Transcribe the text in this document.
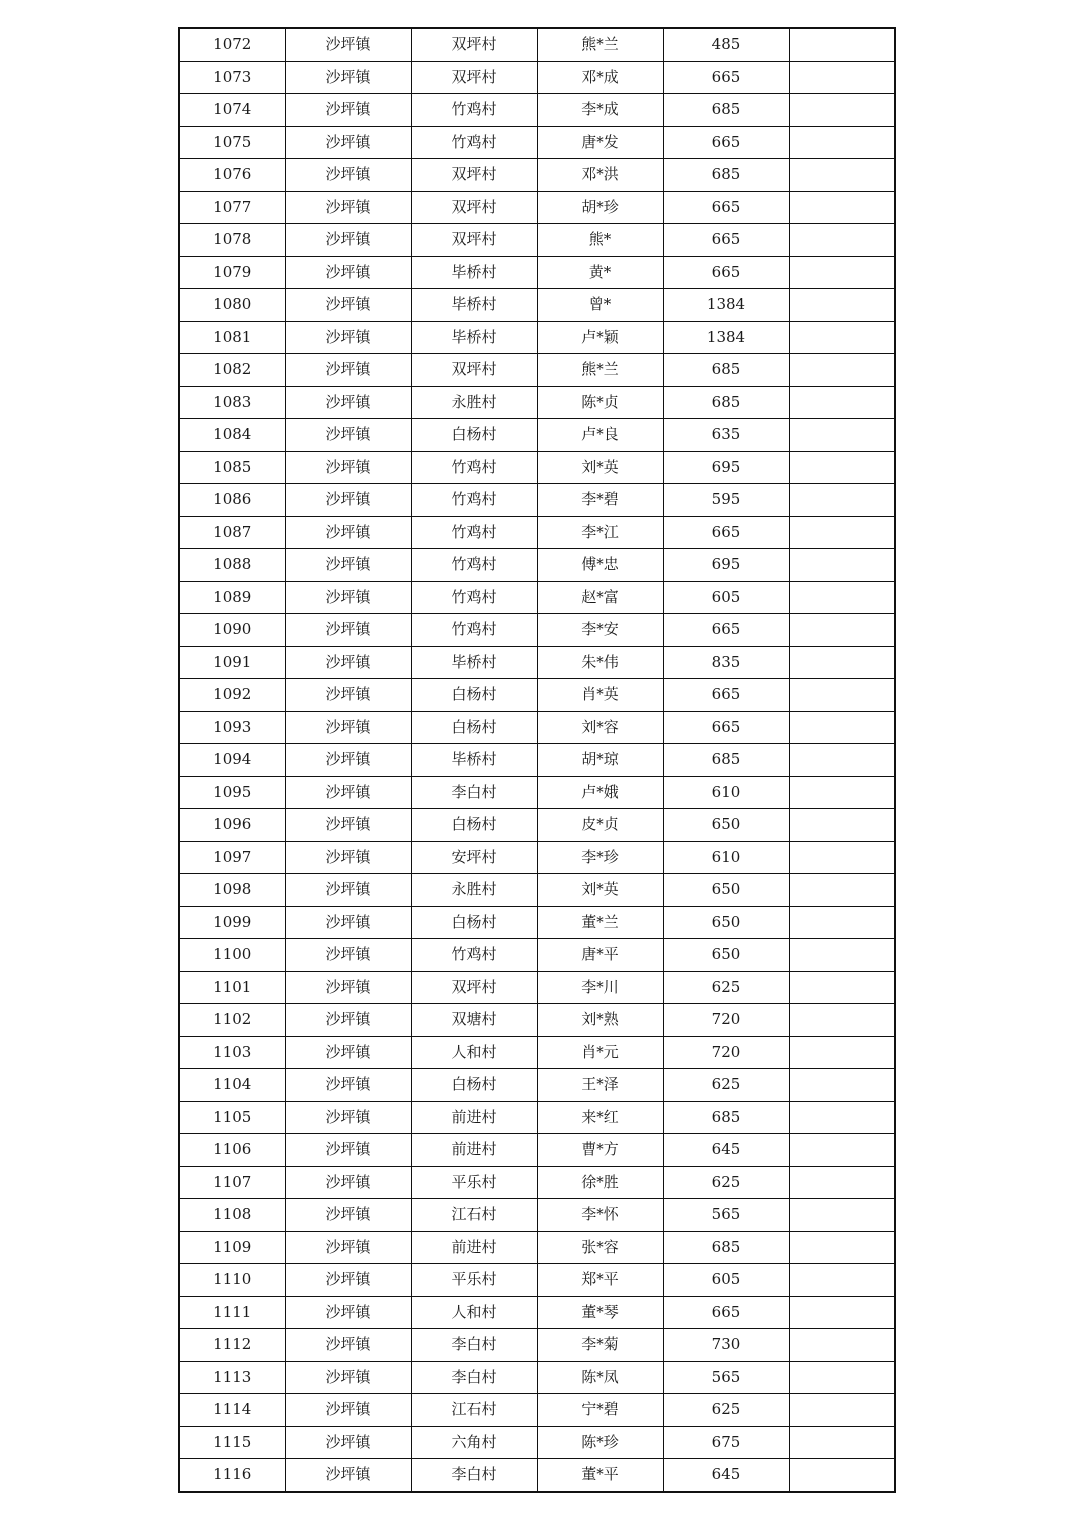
1072	沙坪镇	双坪村	熊*兰	485	
1073	沙坪镇	双坪村	邓*成	665	
1074	沙坪镇	竹鸡村	李*成	685	
1075	沙坪镇	竹鸡村	唐*发	665	
1076	沙坪镇	双坪村	邓*洪	685	
1077	沙坪镇	双坪村	胡*珍	665	
1078	沙坪镇	双坪村	熊*	665	
1079	沙坪镇	毕桥村	黄*	665	
1080	沙坪镇	毕桥村	曾*	1384	
1081	沙坪镇	毕桥村	卢*颖	1384	
1082	沙坪镇	双坪村	熊*兰	685	
1083	沙坪镇	永胜村	陈*贞	685	
1084	沙坪镇	白杨村	卢*良	635	
1085	沙坪镇	竹鸡村	刘*英	695	
1086	沙坪镇	竹鸡村	李*碧	595	
1087	沙坪镇	竹鸡村	李*江	665	
1088	沙坪镇	竹鸡村	傅*忠	695	
1089	沙坪镇	竹鸡村	赵*富	605	
1090	沙坪镇	竹鸡村	李*安	665	
1091	沙坪镇	毕桥村	朱*伟	835	
1092	沙坪镇	白杨村	肖*英	665	
1093	沙坪镇	白杨村	刘*容	665	
1094	沙坪镇	毕桥村	胡*琼	685	
1095	沙坪镇	李白村	卢*娥	610	
1096	沙坪镇	白杨村	皮*贞	650	
1097	沙坪镇	安坪村	李*珍	610	
1098	沙坪镇	永胜村	刘*英	650	
1099	沙坪镇	白杨村	董*兰	650	
1100	沙坪镇	竹鸡村	唐*平	650	
1101	沙坪镇	双坪村	李*川	625	
1102	沙坪镇	双塘村	刘*熟	720	
1103	沙坪镇	人和村	肖*元	720	
1104	沙坪镇	白杨村	王*泽	625	
1105	沙坪镇	前进村	来*红	685	
1106	沙坪镇	前进村	曹*方	645	
1107	沙坪镇	平乐村	徐*胜	625	
1108	沙坪镇	江石村	李*怀	565	
1109	沙坪镇	前进村	张*容	685	
1110	沙坪镇	平乐村	郑*平	605	
1111	沙坪镇	人和村	董*琴	665	
1112	沙坪镇	李白村	李*菊	730	
1113	沙坪镇	李白村	陈*凤	565	
1114	沙坪镇	江石村	宁*碧	625	
1115	沙坪镇	六角村	陈*珍	675	
1116	沙坪镇	李白村	董*平	645	
